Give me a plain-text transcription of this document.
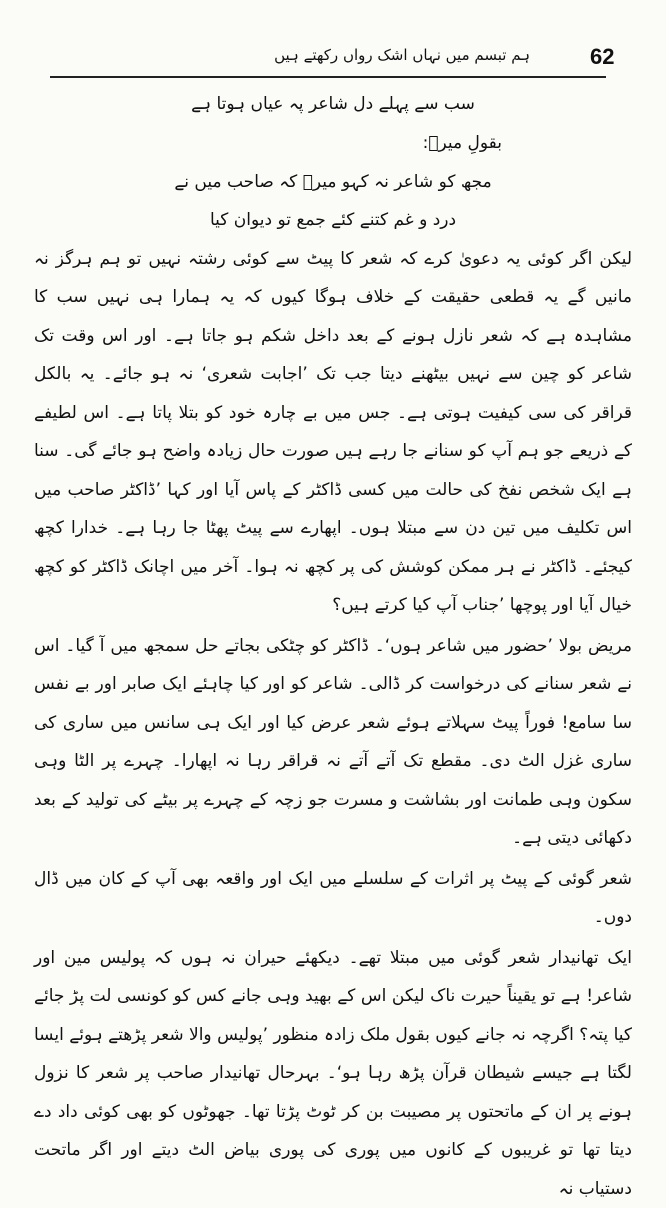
62
ہم تبسم میں نہاں اشک رواں رکھتے ہیں

سب سے پہلے دل شاعر پہ عیاں ہوتا ہے

بقولِ میرؔ:

مجھ کو شاعر نہ کہو میرؔ کہ صاحب میں نے

درد و غم کتنے کئے جمع تو دیوان کیا

لیکن اگر کوئی یہ دعویٰ کرے کہ شعر کا پیٹ سے کوئی رشتہ نہیں تو ہم ہرگز نہ مانیں گے یہ قطعی حقیقت کے خلاف ہوگا کیوں کہ یہ ہمارا ہی نہیں سب کا مشاہدہ ہے کہ شعر نازل ہونے کے بعد داخل شکم ہو جاتا ہے۔ اور اس وقت تک شاعر کو چین سے نہیں بیٹھنے دیتا جب تک ’اجابت شعری‘ نہ ہو جائے۔ یہ بالکل قراقر کی سی کیفیت ہوتی ہے۔ جس میں بے چارہ خود کو بتلا پاتا ہے۔ اس لطیفے کے ذریعے جو ہم آپ کو سنانے جا رہے ہیں صورت حال زیادہ واضح ہو جائے گی۔ سنا ہے ایک شخص نفخ کی حالت میں کسی ڈاکٹر کے پاس آیا اور کہا ’ڈاکٹر صاحب میں اس تکلیف میں تین دن سے مبتلا ہوں۔ اپھارے سے پیٹ پھٹا جا رہا ہے۔ خدارا کچھ کیجئے۔ ڈاکٹر نے ہر ممکن کوشش کی پر کچھ نہ ہوا۔ آخر میں اچانک ڈاکٹر کو کچھ خیال آیا اور پوچھا ’جناب آپ کیا کرتے ہیں؟

مریض بولا ’حضور میں شاعر ہوں‘۔ ڈاکٹر کو چٹکی بجاتے حل سمجھ میں آ گیا۔ اس نے شعر سنانے کی درخواست کر ڈالی۔ شاعر کو اور کیا چاہئے ایک صابر اور بے نفس سا سامع! فوراً پیٹ سہلاتے ہوئے شعر عرض کیا اور ایک ہی سانس میں ساری کی ساری غزل الٹ دی۔ مقطع تک آتے آتے نہ قراقر رہا نہ اپھارا۔ چہرے پر الٹا وہی سکون وہی طمانت اور بشاشت و مسرت جو زچہ کے چہرے پر بیٹے کی تولید کے بعد دکھائی دیتی ہے۔

شعر گوئی کے پیٹ پر اثرات کے سلسلے میں ایک اور واقعہ بھی آپ کے کان میں ڈال دوں۔

ایک تھانیدار شعر گوئی میں مبتلا تھے۔ دیکھئے حیران نہ ہوں کہ پولیس مین اور شاعر! ہے تو یقیناً حیرت ناک لیکن اس کے بھید وہی جانے کس کو کونسی لت پڑ جائے کیا پتہ؟ اگرچہ نہ جانے کیوں بقول ملک زادہ منظور ’پولیس والا شعر پڑھتے ہوئے ایسا لگتا ہے جیسے شیطان قرآن پڑھ رہا ہو‘۔ بہرحال تھانیدار صاحب پر شعر کا نزول ہونے پر ان کے ماتحتوں پر مصیبت بن کر ٹوٹ پڑتا تھا۔ جھوٹوں کو بھی کوئی داد دے دیتا تھا تو غریبوں کے کانوں میں پوری کی پوری بیاض الٹ دیتے اور اگر ماتحت دستیاب نہ
